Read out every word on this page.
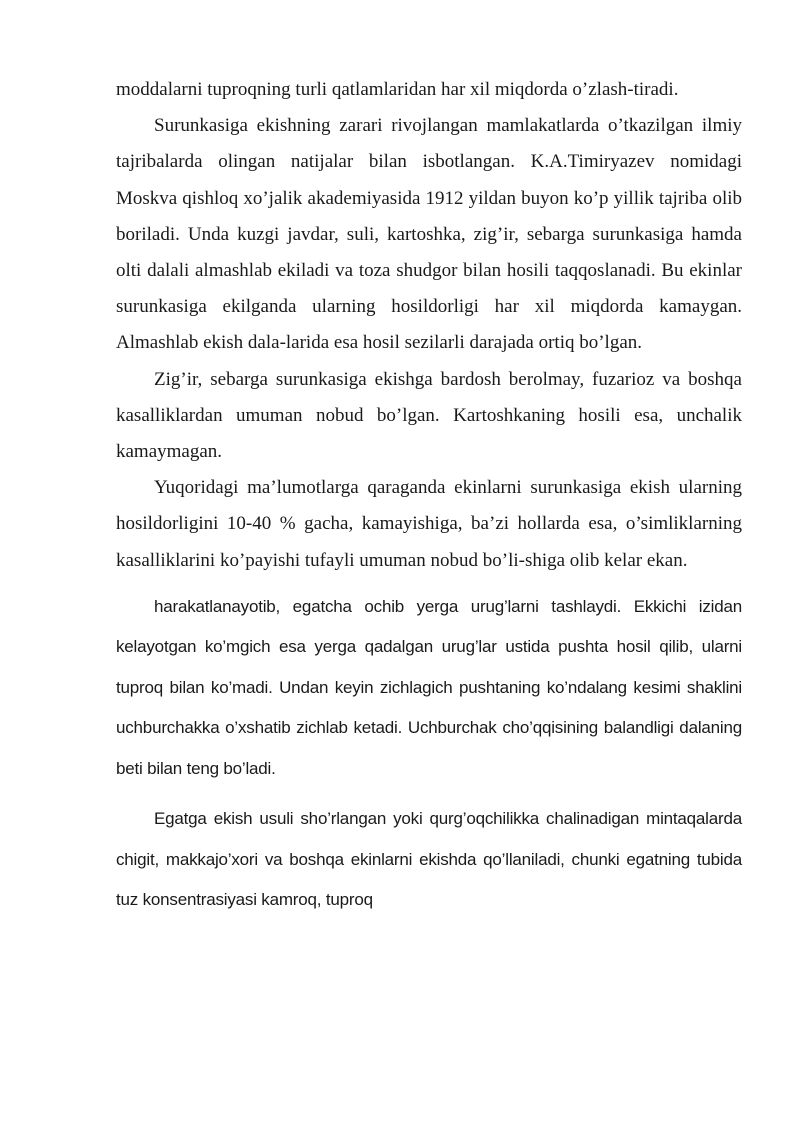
moddalarni tuproqning turli qatlamlaridan har xil miqdorda o’zlash-tiradi.

Surunkasiga ekishning zarari rivojlangan mamlakatlarda o’tkazilgan ilmiy tajribalarda olingan natijalar bilan isbotlangan. K.A.Timiryazev nomidagi Moskva qishloq xo’jalik akademiyasida 1912 yildan buyon ko’p yillik tajriba olib boriladi. Unda kuzgi javdar, suli, kartoshka, zig’ir, sebarga surunkasiga hamda olti dalali almashlab ekiladi va toza shudgor bilan hosili taqqoslanadi. Bu ekinlar surunkasiga ekilganda ularning hosildorligi har xil miqdorda kamaygan. Almashlab ekish dala-larida esa hosil sezilarli darajada ortiq bo’lgan.

Zig’ir, sebarga surunkasiga ekishga bardosh berolmay, fuzarioz va boshqa kasalliklardan umuman nobud bo’lgan. Kartoshkaning hosili esa, unchalik kamaymagan.

Yuqoridagi ma’lumotlarga qaraganda ekinlarni surunkasiga ekish ularning hosildorligini 10-40 % gacha, kamayishiga, ba’zi hollarda esa, o’simliklarning kasalliklarini ko’payishi tufayli umuman nobud bo’li-shiga olib kelar ekan.

harakatlanayotib, egatcha ochib yerga urug’larni tashlaydi. Ekkichi izidan kelayotgan ko’mgich esa yerga qadalgan urug’lar ustida pushta hosil qilib, ularni tuproq bilan ko’madi. Undan keyin zichlagich pushtaning ko’ndalang kesimi shaklini uchburchakka o’xshatib zichlab ketadi. Uchburchak cho’qqisining balandligi dalaning beti bilan teng bo’ladi.

Egatga ekish usuli sho’rlangan yoki qurg’oqchilikka chalinadigan mintaqalarda chigit, makkajo’xori va boshqa ekinlarni ekishda qo’llaniladi, chunki egatning tubida tuz konsentrasiyasi kamroq, tuproq
